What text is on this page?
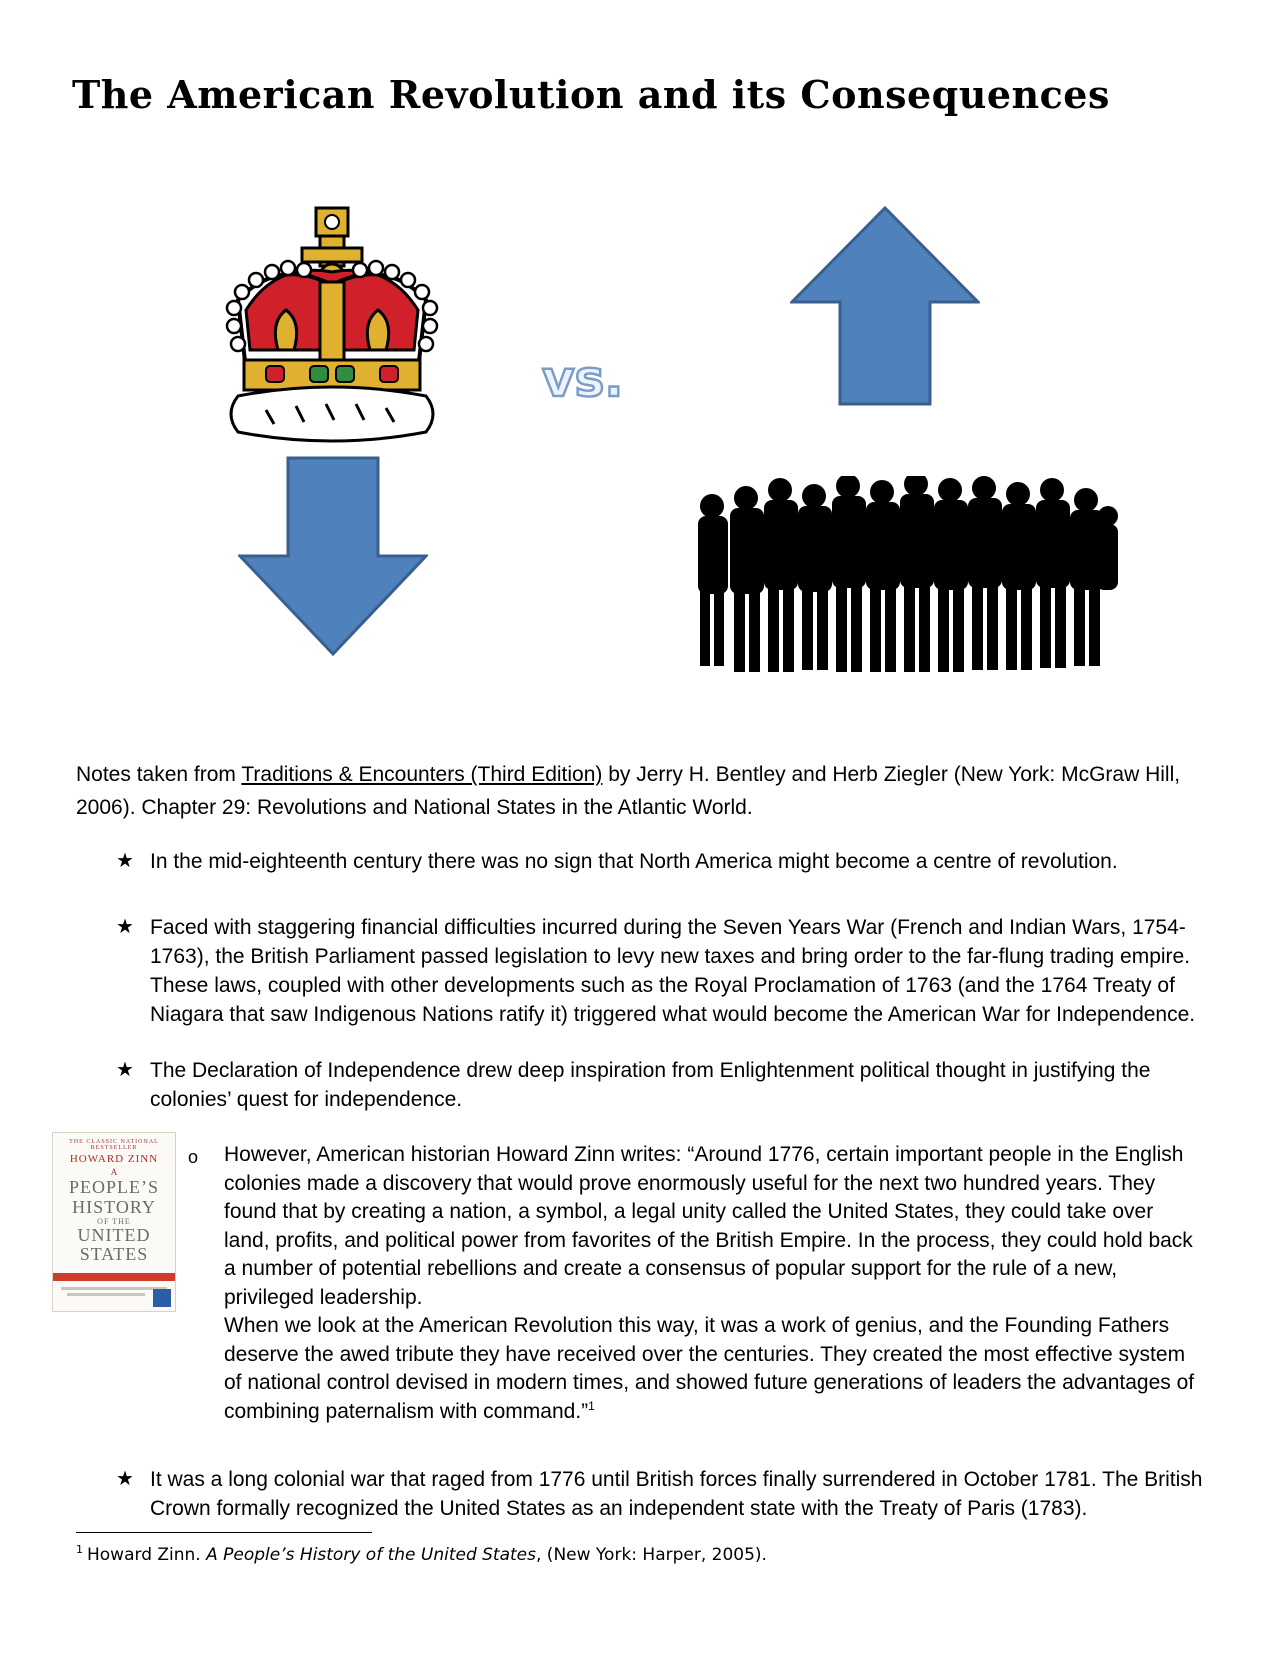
The American Revolution and its Consequences
vs.

Notes taken from Traditions & Encounters (Third Edition) by Jerry H. Bentley and Herb Ziegler (New York: McGraw Hill, 2006). Chapter 29: Revolutions and National States in the Atlantic World.

★ In the mid-eighteenth century there was no sign that North America might become a centre of revolution.
★ Faced with staggering financial difficulties incurred during the Seven Years War (French and Indian Wars, 1754-1763), the British Parliament passed legislation to levy new taxes and bring order to the far-flung trading empire. These laws, coupled with other developments such as the Royal Proclamation of 1763 (and the 1764 Treaty of Niagara that saw Indigenous Nations ratify it) triggered what would become the American War for Independence.
★ The Declaration of Independence drew deep inspiration from Enlightenment political thought in justifying the colonies’ quest for independence.
THE CLASSIC NATIONAL BESTSELLER
HOWARD ZINN
A
PEOPLE’S
HISTORY
OF THE
UNITED
STATES
o However, American historian Howard Zinn writes: “Around 1776, certain important people in the English colonies made a discovery that would prove enormously useful for the next two hundred years. They found that by creating a nation, a symbol, a legal unity called the United States, they could take over land, profits, and political power from favorites of the British Empire. In the process, they could hold back a number of potential rebellions and create a consensus of popular support for the rule of a new, privileged leadership.
When we look at the American Revolution this way, it was a work of genius, and the Founding Fathers deserve the awed tribute they have received over the centuries. They created the most effective system of national control devised in modern times, and showed future generations of leaders the advantages of combining paternalism with command.”$^1$
★ It was a long colonial war that raged from 1776 until British forces finally surrendered in October 1781. The British Crown formally recognized the United States as an independent state with the Treaty of Paris (1783).
$^1$ Howard Zinn. A People’s History of the United States, (New York: Harper, 2005).
